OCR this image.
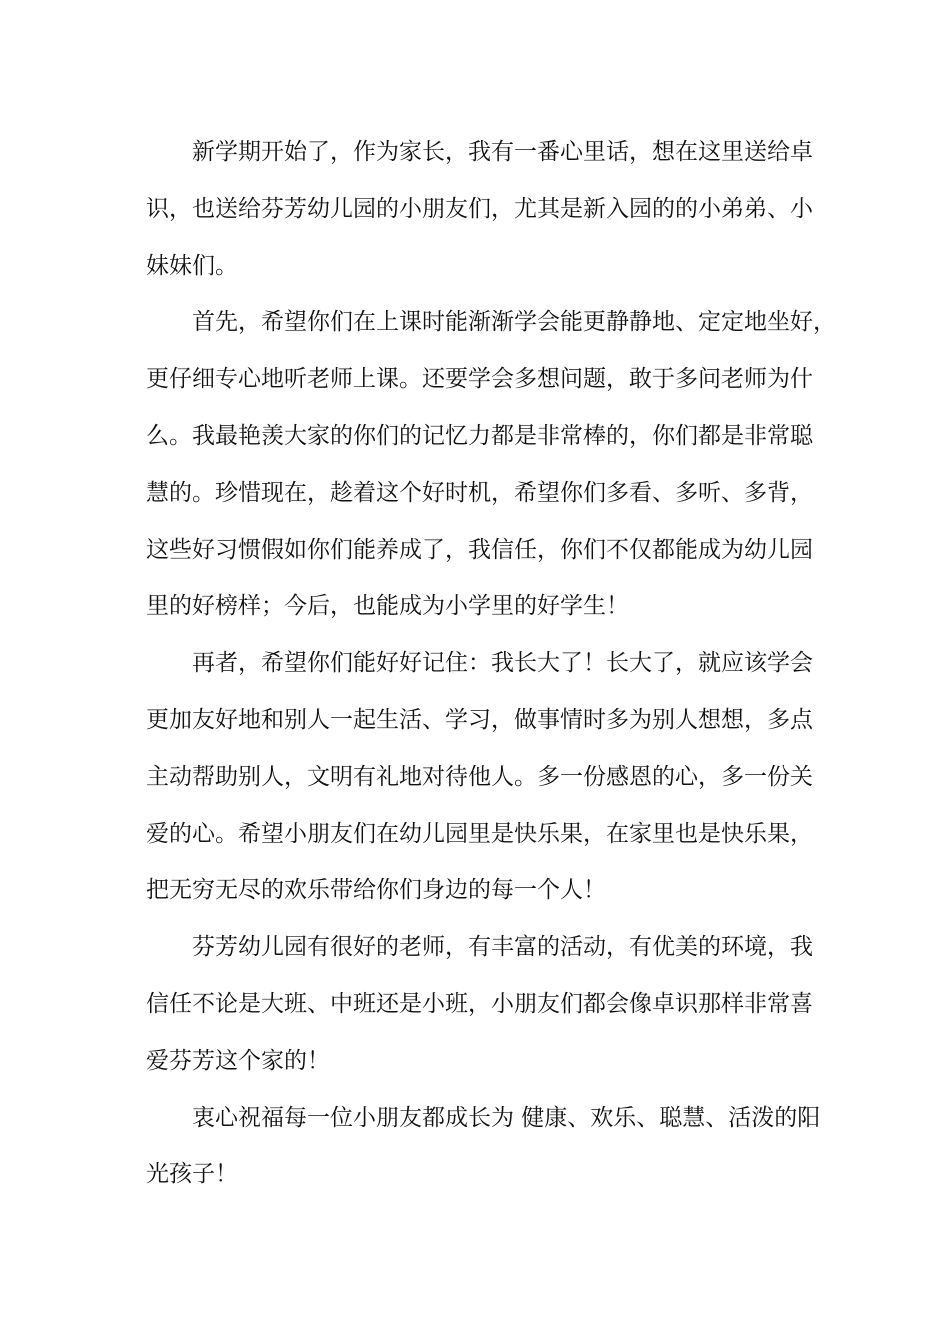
新学期开始了，作为家长，我有一番心里话，想在这里送给卓
识，也送给芬芳幼儿园的小朋友们，尤其是新入园的的小弟弟、小
妹妹们。
首先，希望你们在上课时能渐渐学会能更静静地、定定地坐好，
更仔细专心地听老师上课。还要学会多想问题，敢于多问老师为什
么。我最艳羡大家的你们的记忆力都是非常棒的，你们都是非常聪
慧的。珍惜现在，趁着这个好时机，希望你们多看、多听、多背，
这些好习惯假如你们能养成了，我信任，你们不仅都能成为幼儿园
里的好榜样；今后，也能成为小学里的好学生！
再者，希望你们能好好记住：我长大了！长大了，就应该学会
更加友好地和别人一起生活、学习，做事情时多为别人想想，多点
主动帮助别人，文明有礼地对待他人。多一份感恩的心，多一份关
爱的心。希望小朋友们在幼儿园里是快乐果，在家里也是快乐果，
把无穷无尽的欢乐带给你们身边的每一个人！
芬芳幼儿园有很好的老师，有丰富的活动，有优美的环境，我
信任不论是大班、中班还是小班，小朋友们都会像卓识那样非常喜
爱芬芳这个家的！
衷心祝福每一位小朋友都成长为 健康、欢乐、聪慧、活泼的阳
光孩子！
